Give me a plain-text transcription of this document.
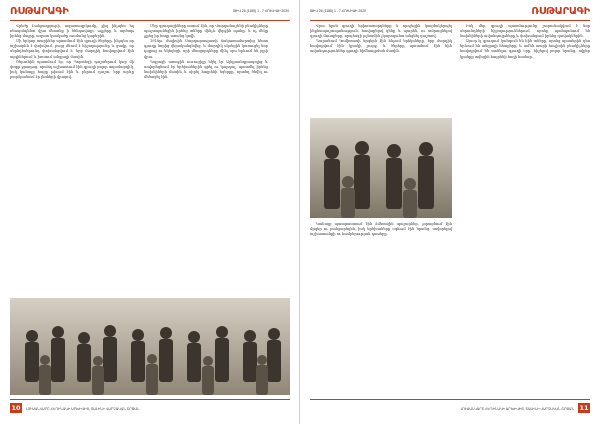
ՌՍԹԱՐԱԳԻ	ԹԻՎ 26 (1185) 1 - 7 ՀՈՒԼԻՍԻ 2020

Վրեժը Լանջաղբյուրի, ազատազրկումը, ջիզ ինչպես եղ ռեսպոնդենտ վրա մեռանք ի ծննդավայր, աչքերը և արծաթ իրենց մայրը, ազատ կասկածը ուսմանց կարերին.

Մի երկար տարիներ պատմում էին գյուղի ծերերը, ինչպես որ աշխարհն է փոխվում, բայց մնում է հիշողությունը և ցավը, որ սերնդեսերունդ փոխանցվում է, երբ մարդիկ հավաքվում էին այգիներում և խոսում անցյալի մասին.

Ծերունին պատմում էր, որ Պորտեզի դաշտերում կար մի փոքր ջրաղաց, որտեղ աշխատում էին գյուղի բոլոր տղամարդիկ, իսկ կանայք հացը թխում էին և բերում դաշտ, երբ արևը բարձրանում էր լեռների վրայով.

Մեր գյուղացիները ասում էին, որ Վարդանաշենի բնակիչները պաշտպանեցին իրենց տները մինչև վերջին պահը, և ոչ մեկը չլքեց իր հողը առանց կռվի.

1918թ. մայիսին Սարդարապատի ճակատամարտից հետո գյուղը նորից վերականգնվեց, և մարդիկ սկսեցին կառուցել նոր դպրոց ու եկեղեցի, որի մնացորդները մինչ օրս երևում են բլրի վրա.

Դպրոցի առաջին ուսուցիչը եկել էր Ալեքսանդրապոլից և սովորեցնում էր երեխաներին գրել ու կարդալ, պատմել իրենց նախնիների մասին և սիրել հայրենի եզերքը, որտեղ ծնվել ու մեծացել էին.

10	ԼՈՒՍԱՆԿԱՐԸ ՀԵՂԻՆԱԿԻ ԱՐԽԻՎԻՑ, ՏԱԼԻՆԻ ՎԱՐՉԱԿԱՆ ՇՐՋԱՆ
ԹԻՎ 26 (1185) 1 - 7 ՀՈՒԼԻՍԻ 2020	ՌՍԹԱՐԱԳԻ

Վրա ելան գյուղի երիտասարդները և որոշեցին կազմակերպել ինքնապաշտպանություն, հավաքելով զենք և պարեն, ու ամրացնելով գյուղի մուտքերը, որպեսզի թշնամին չկարողանա անցնել դաշտով.

Դարանում Կոմիտասի երգերն էին հնչում երեկոները, երբ մարդիկ հավաքվում էին կրակի շուրջ, և ծերերը պատմում էին հին ավանդություններ գյուղի հիմնադրման մասին.

Կանայք պատրաստում էին ձմեռային պաշարներ, չորացնում էին մրգեր ու բանջարեղեն, իսկ երեխաները օգնում էին նրանց, սովորելով աշխատանքի ու համբերության դասերը.

Իսկ մեր գյուղի պատմությունը շարունակվում է նոր սերունդների հիշողություններում, որոնք պահպանում են նախնիների ավանդույթները և փոխանցում իրենց զավակներին.

Այսօր էլ գյուղում կանգուն են հին տները, որոնց պատերին դեռ երևում են անցյալի հետքերը, և ամեն տարի հուլիսին բնակիչները հավաքվում են տոնելու գյուղի օրը, հիշելով բոլոր նրանց, ովքեր կյանքը տվեցին հայրենի հողի համար.

ԼՈՒՍԱՆԿԱՐԸ ՀԵՂԻՆԱԿԻ ԱՐԽԻՎԻՑ, ՏԱԼԻՆԻ ՎԱՐՉԱԿԱՆ ՇՐՋԱՆ 11
